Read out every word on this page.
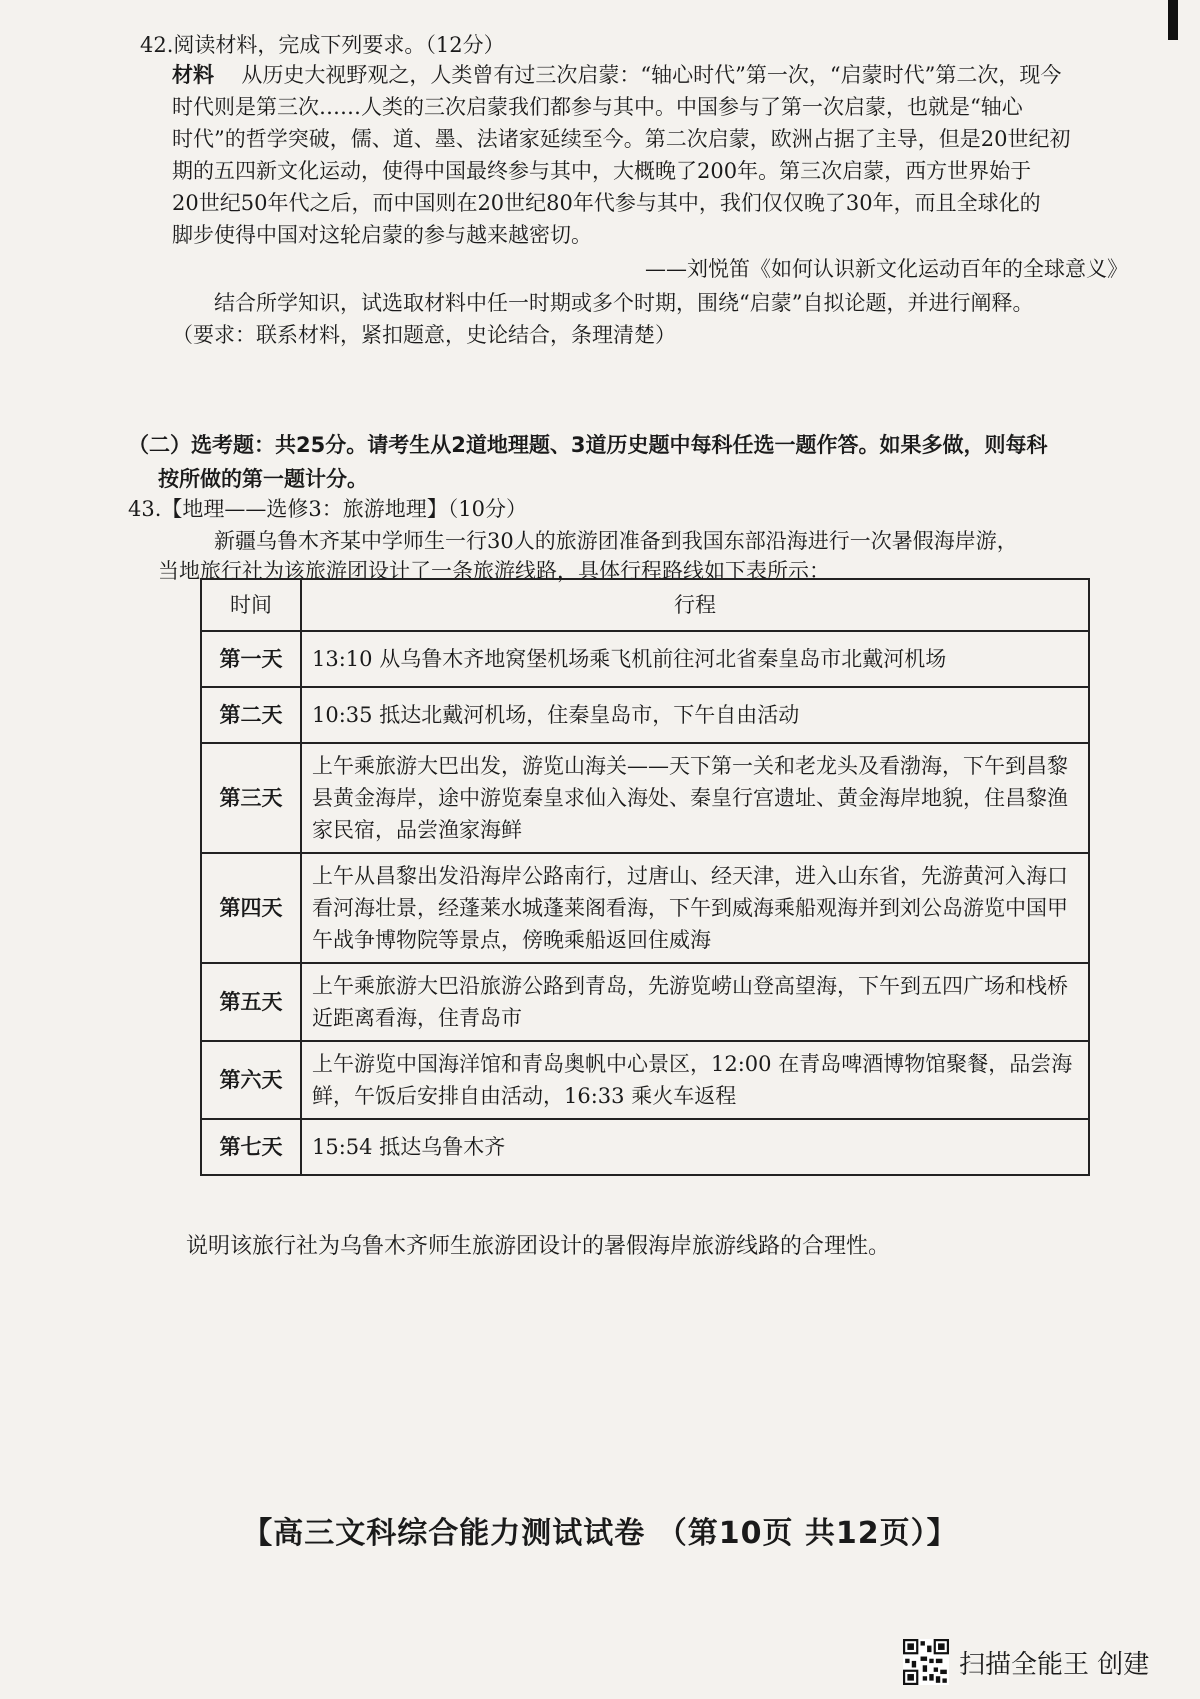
42.阅读材料，完成下列要求。（12分）
材料 从历史大视野观之，人类曾有过三次启蒙：“轴心时代”第一次，“启蒙时代”第二次，现今
时代则是第三次……人类的三次启蒙我们都参与其中。中国参与了第一次启蒙，也就是“轴心
时代”的哲学突破，儒、道、墨、法诸家延续至今。第二次启蒙，欧洲占据了主导，但是20世纪初
期的五四新文化运动，使得中国最终参与其中，大概晚了200年。第三次启蒙，西方世界始于
20世纪50年代之后，而中国则在20世纪80年代参与其中，我们仅仅晚了30年，而且全球化的
脚步使得中国对这轮启蒙的参与越来越密切。
——刘悦笛《如何认识新文化运动百年的全球意义》
结合所学知识，试选取材料中任一时期或多个时期，围绕“启蒙”自拟论题，并进行阐释。
（要求：联系材料，紧扣题意，史论结合，条理清楚）
（二）选考题：共25分。请考生从2道地理题、3道历史题中每科任选一题作答。如果多做，则每科
按所做的第一题计分。
43.【地理——选修3：旅游地理】（10分）
新疆乌鲁木齐某中学师生一行30人的旅游团准备到我国东部沿海进行一次暑假海岸游，
当地旅行社为该旅游团设计了一条旅游线路，具体行程路线如下表所示：
时间	行程
第一天	13:10 从乌鲁木齐地窝堡机场乘飞机前往河北省秦皇岛市北戴河机场
第二天	10:35 抵达北戴河机场，住秦皇岛市，下午自由活动
第三天	上午乘旅游大巴出发，游览山海关——天下第一关和老龙头及看渤海，下午到昌黎县黄金海岸，途中游览秦皇求仙入海处、秦皇行宫遗址、黄金海岸地貌，住昌黎渔家民宿，品尝渔家海鲜
第四天	上午从昌黎出发沿海岸公路南行，过唐山、经天津，进入山东省，先游黄河入海口看河海壮景，经蓬莱水城蓬莱阁看海，下午到威海乘船观海并到刘公岛游览中国甲午战争博物院等景点，傍晚乘船返回住威海
第五天	上午乘旅游大巴沿旅游公路到青岛，先游览崂山登高望海，下午到五四广场和栈桥近距离看海，住青岛市
第六天	上午游览中国海洋馆和青岛奥帆中心景区，12:00 在青岛啤酒博物馆聚餐，品尝海鲜，午饭后安排自由活动，16:33 乘火车返程
第七天	15:54 抵达乌鲁木齐
说明该旅行社为乌鲁木齐师生旅游团设计的暑假海岸旅游线路的合理性。
【高三文科综合能力测试试卷 （第10页 共12页）】
扫描全能王 创建
